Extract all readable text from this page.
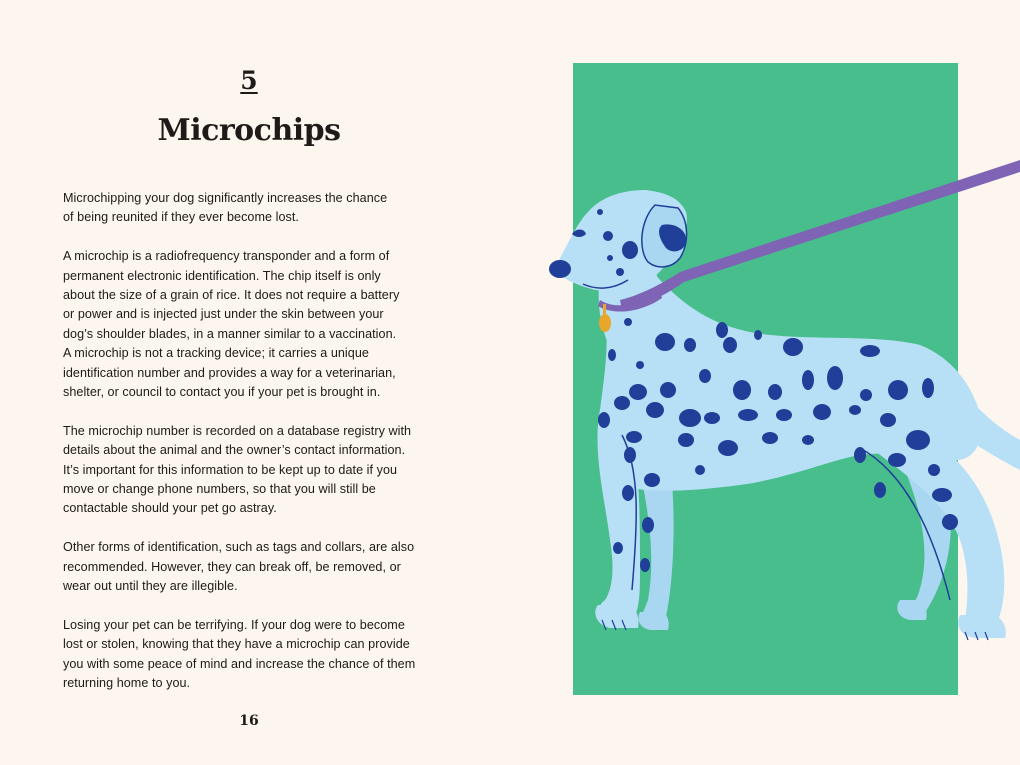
5
Microchips

Microchipping your dog significantly increases the chance
of being reunited if they ever become lost.

A microchip is a radiofrequency transponder and a form of
permanent electronic identification. The chip itself is only
about the size of a grain of rice. It does not require a battery
or power and is injected just under the skin between your
dog’s shoulder blades, in a manner similar to a vaccination.
A microchip is not a tracking device; it carries a unique
identification number and provides a way for a veterinarian,
shelter, or council to contact you if your pet is brought in.

The microchip number is recorded on a database registry with
details about the animal and the owner’s contact information.
It’s important for this information to be kept up to date if you
move or change phone numbers, so that you will still be
contactable should your pet go astray.

Other forms of identification, such as tags and collars, are also
recommended. However, they can break off, be removed, or
wear out until they are illegible.

Losing your pet can be terrifying. If your dog were to become
lost or stolen, knowing that they have a microchip can provide
you with some peace of mind and increase the chance of them
returning home to you.

16
